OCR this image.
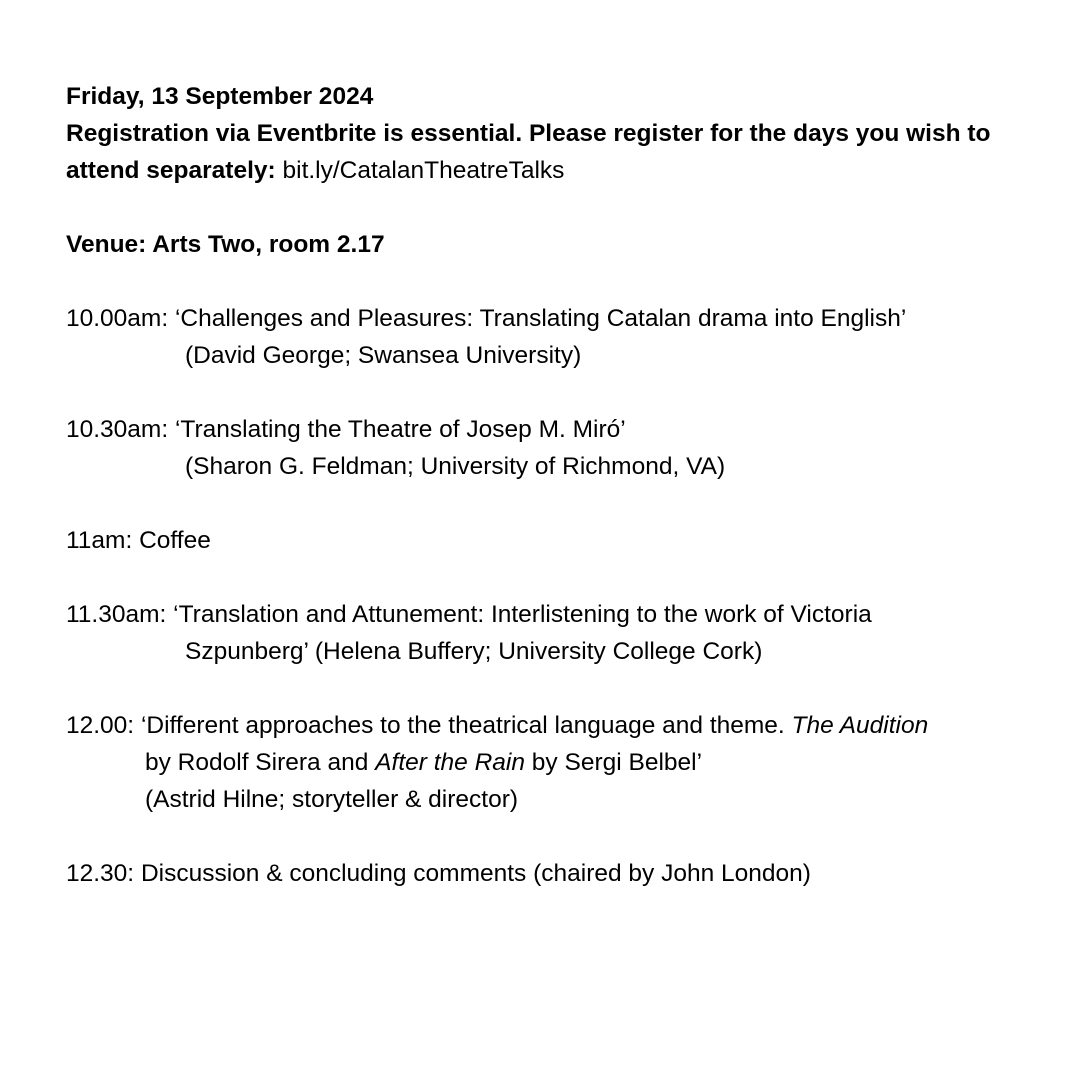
Friday, 13 September 2024

Registration via Eventbrite is essential. Please register for the days you wish to

attend separately: bit.ly/CatalanTheatreTalks

Venue: Arts Two, room 2.17

10.00am: ‘Challenges and Pleasures: Translating Catalan drama into English’

(David George; Swansea University)

10.30am: ‘Translating the Theatre of Josep M. Miró’

(Sharon G. Feldman; University of Richmond, VA)

11am: Coffee

11.30am: ‘Translation and Attunement: Interlistening to the work of Victoria

Szpunberg’ (Helena Buffery; University College Cork)

12.00: ‘Different approaches to the theatrical language and theme. The Audition

by Rodolf Sirera and After the Rain by Sergi Belbel’

(Astrid Hilne; storyteller & director)

12.30: Discussion & concluding comments (chaired by John London)
